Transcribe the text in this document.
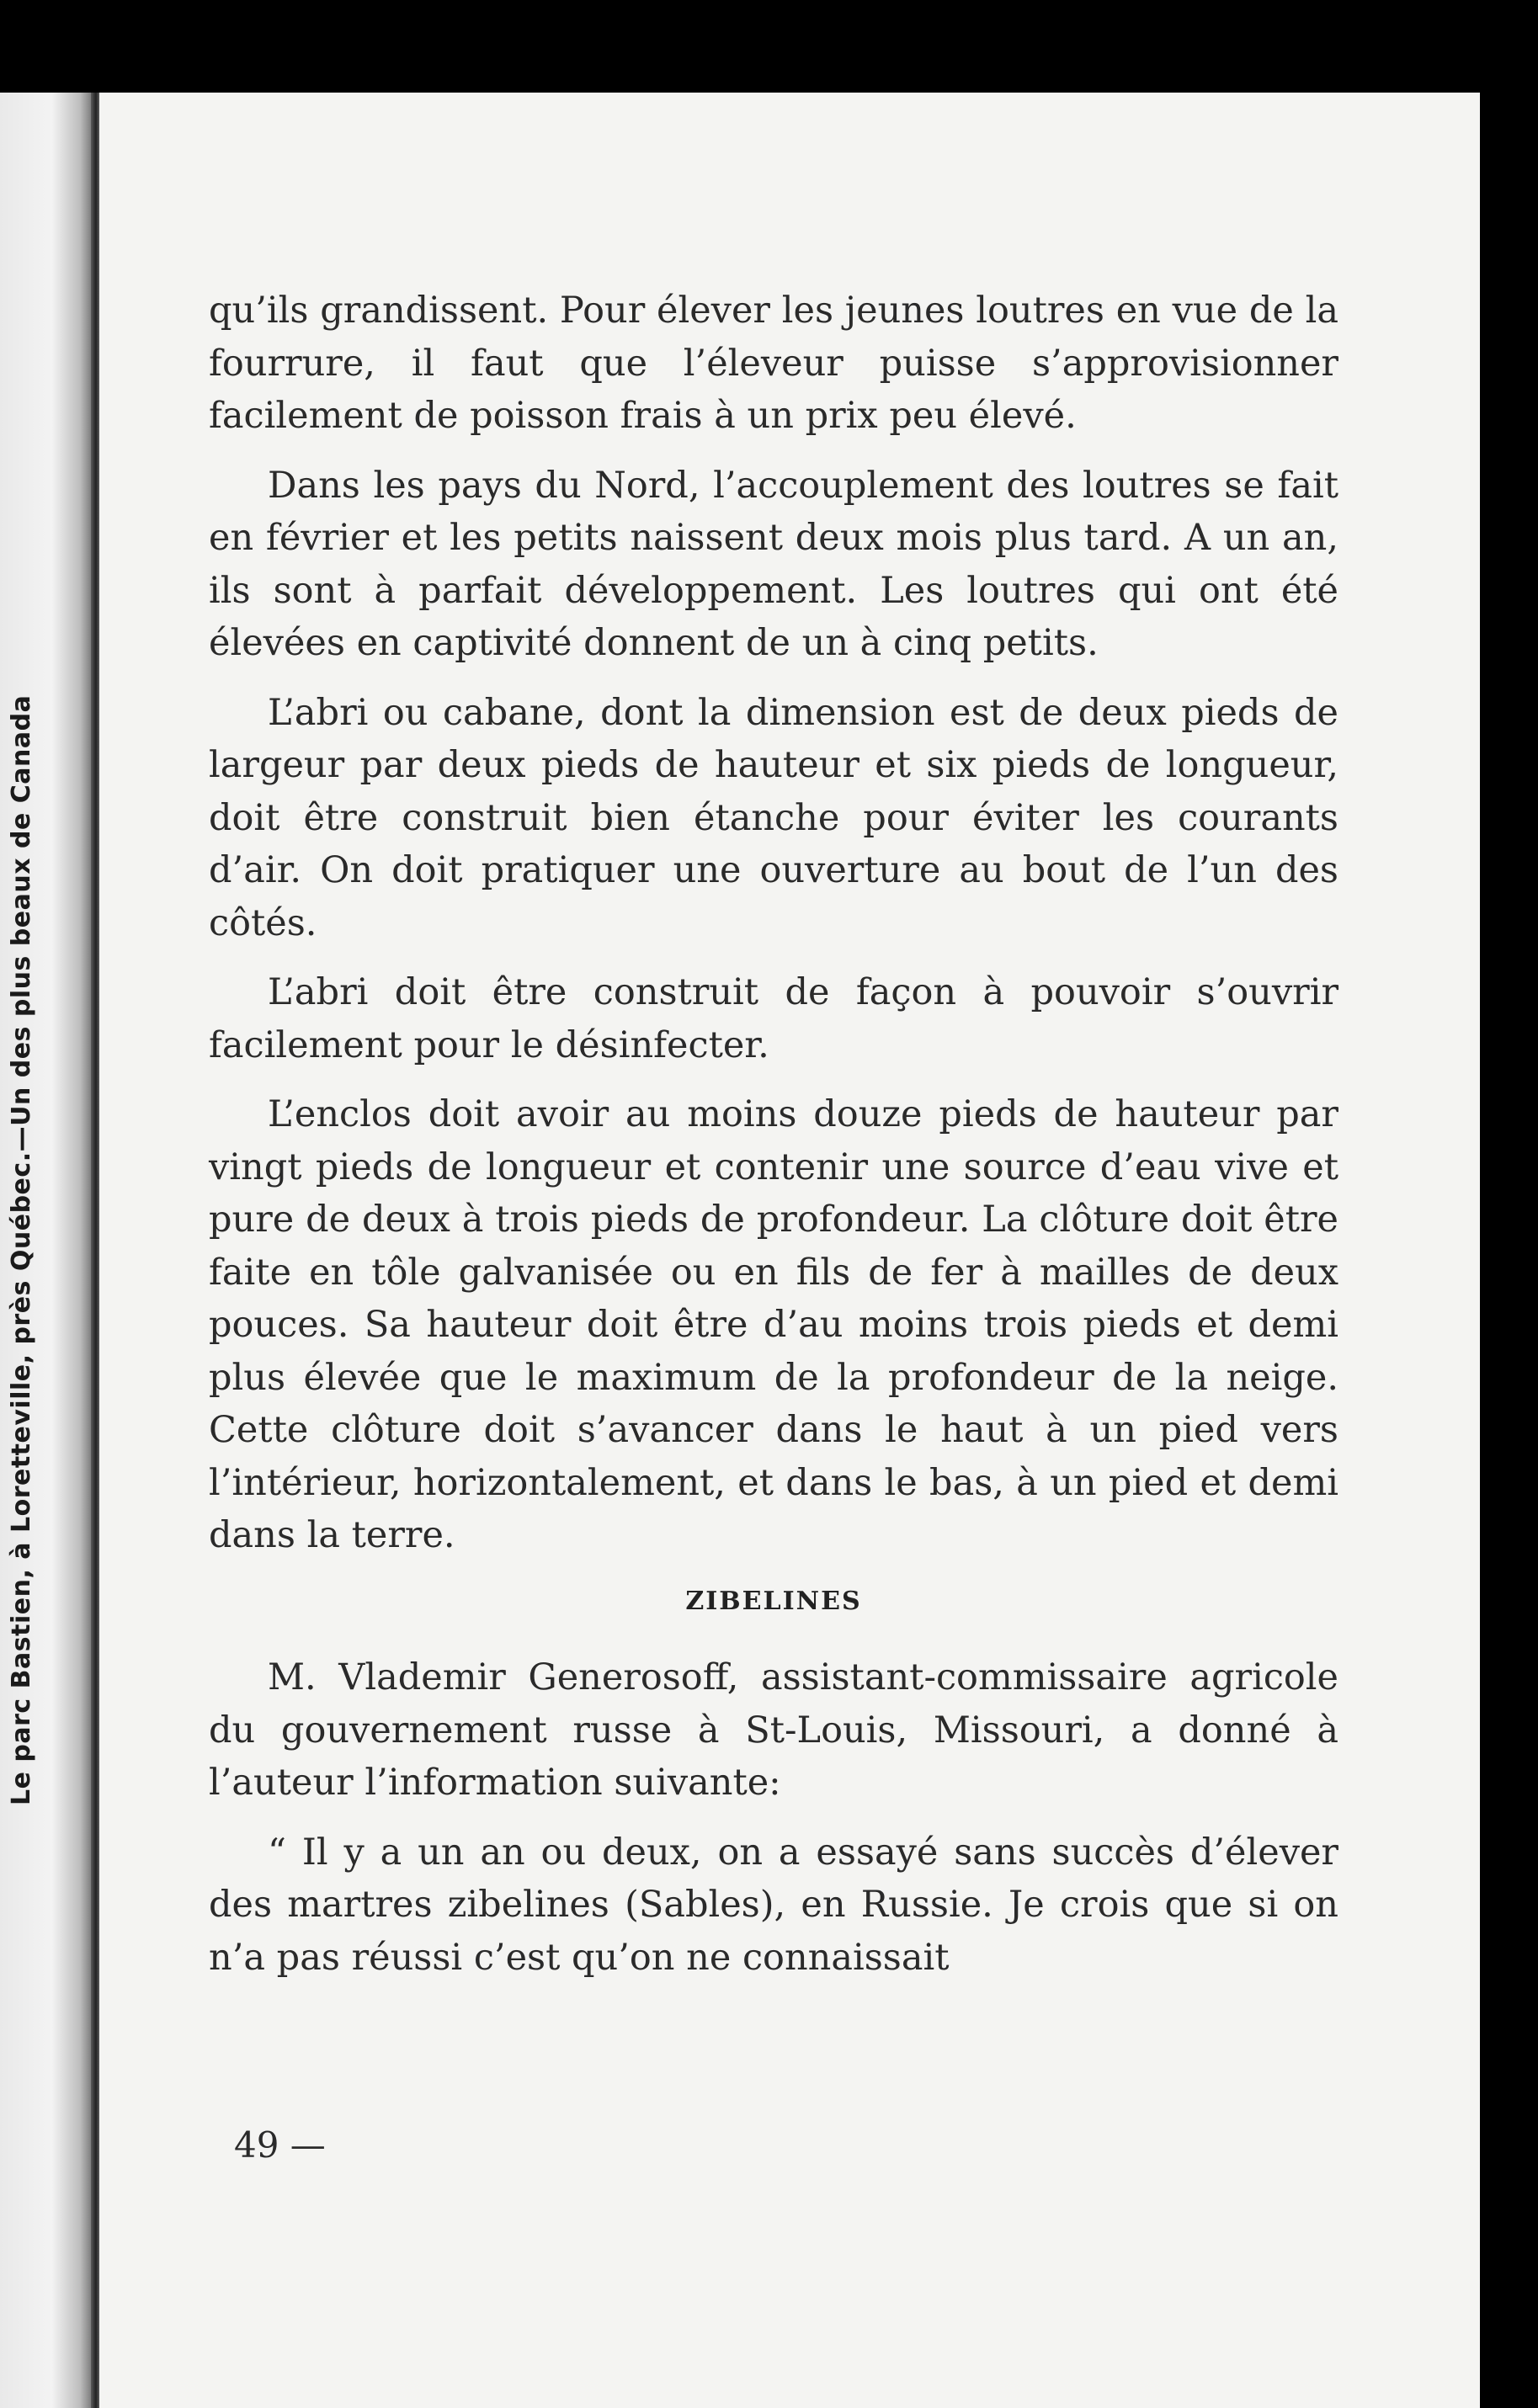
Le parc Bastien, à Loretteville, près Québec.—Un des plus beaux de Canada

qu’ils grandissent. Pour élever les jeunes loutres en vue de la fourrure, il faut que l’éleveur puisse s’approvisionner facilement de poisson frais à un prix peu élevé.

Dans les pays du Nord, l’accouplement des loutres se fait en février et les petits naissent deux mois plus tard. A un an, ils sont à parfait développement. Les loutres qui ont été élevées en captivité donnent de un à cinq petits.

L’abri ou cabane, dont la dimension est de deux pieds de largeur par deux pieds de hauteur et six pieds de longueur, doit être construit bien étanche pour éviter les courants d’air. On doit pratiquer une ouverture au bout de l’un des côtés.

L’abri doit être construit de façon à pouvoir s’ouvrir facilement pour le désinfecter.

L’enclos doit avoir au moins douze pieds de hauteur par vingt pieds de longueur et contenir une source d’eau vive et pure de deux à trois pieds de profondeur. La clôture doit être faite en tôle galvanisée ou en fils de fer à mailles de deux pouces. Sa hauteur doit être d’au moins trois pieds et demi plus élevée que le maximum de la profondeur de la neige. Cette clôture doit s’avancer dans le haut à un pied vers l’intérieur, horizontalement, et dans le bas, à un pied et demi dans la terre.

ZIBELINES

M. Vlademir Generosoff, assistant-commissaire agricole du gouvernement russe à St-Louis, Missouri, a donné à l’auteur l’information suivante:

“ Il y a un an ou deux, on a essayé sans succès d’élever des martres zibelines (Sables), en Russie. Je crois que si on n’a pas réussi c’est qu’on ne connaissait

49 —
